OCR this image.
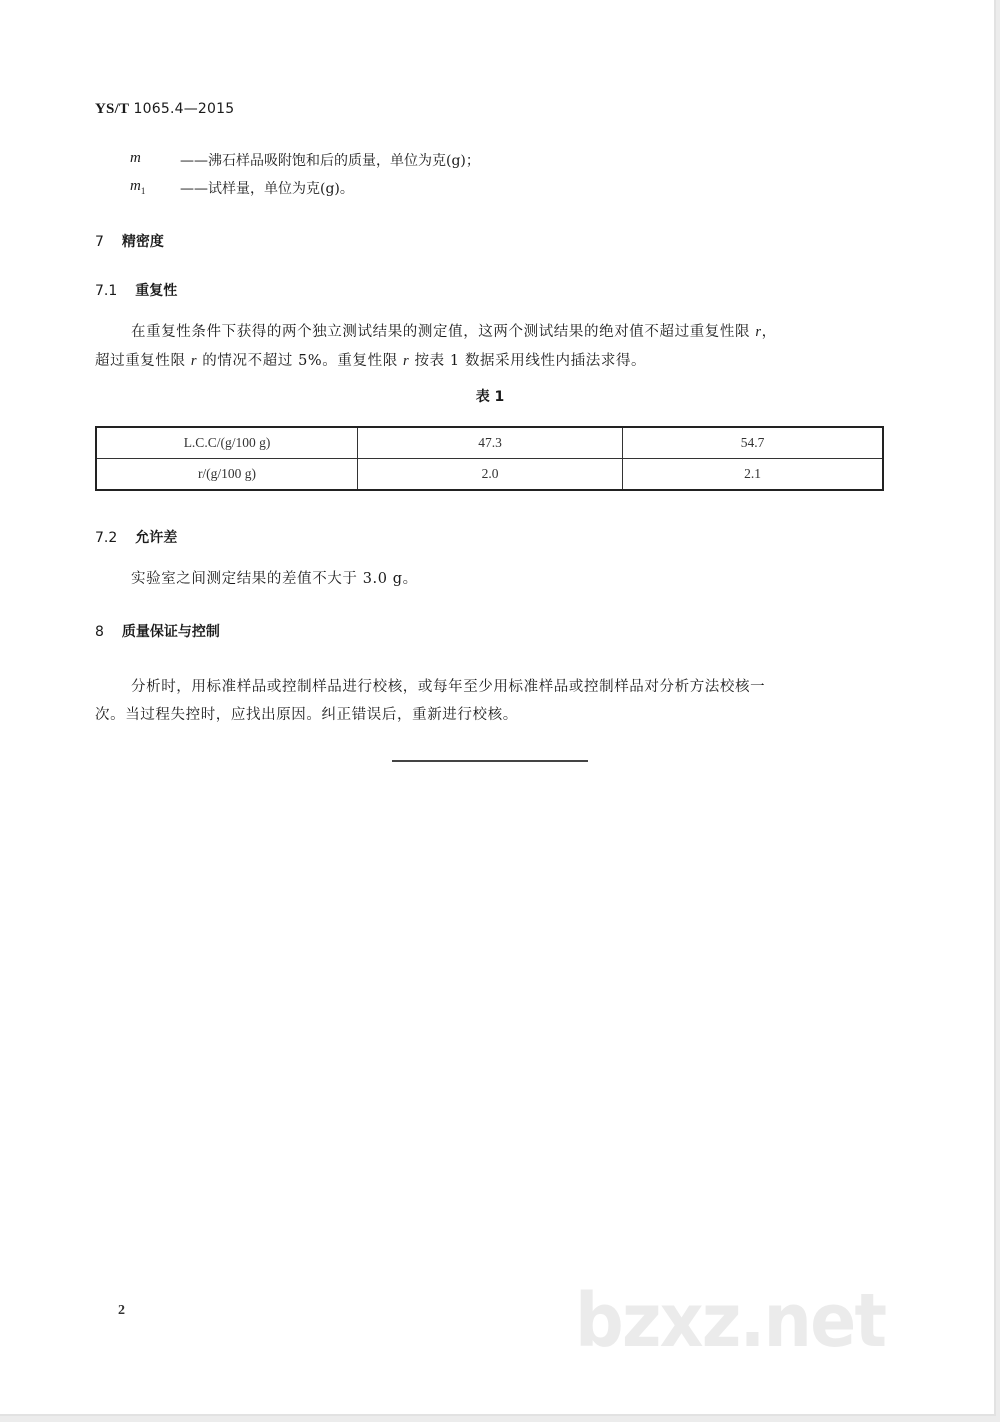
YS/T 1065.4—2015
m	——沸石样品吸附饱和后的质量，单位为克(g)；
$m_1$ ——试样量，单位为克(g)。
7 精密度
7.1 重复性
在重复性条件下获得的两个独立测试结果的测定值，这两个测试结果的绝对值不超过重复性限 r，
超过重复性限 r 的情况不超过 5%。重复性限 r 按表 1 数据采用线性内插法求得。
表 1
L.C.C/(g/100 g)	47.3	54.7
r/(g/100 g)	2.0	2.1
7.2 允许差
实验室之间测定结果的差值不大于 3.0 g。
8 质量保证与控制
分析时，用标准样品或控制样品进行校核，或每年至少用标准样品或控制样品对分析方法校核一
次。当过程失控时，应找出原因。纠正错误后，重新进行校核。
2	bzxz.net
